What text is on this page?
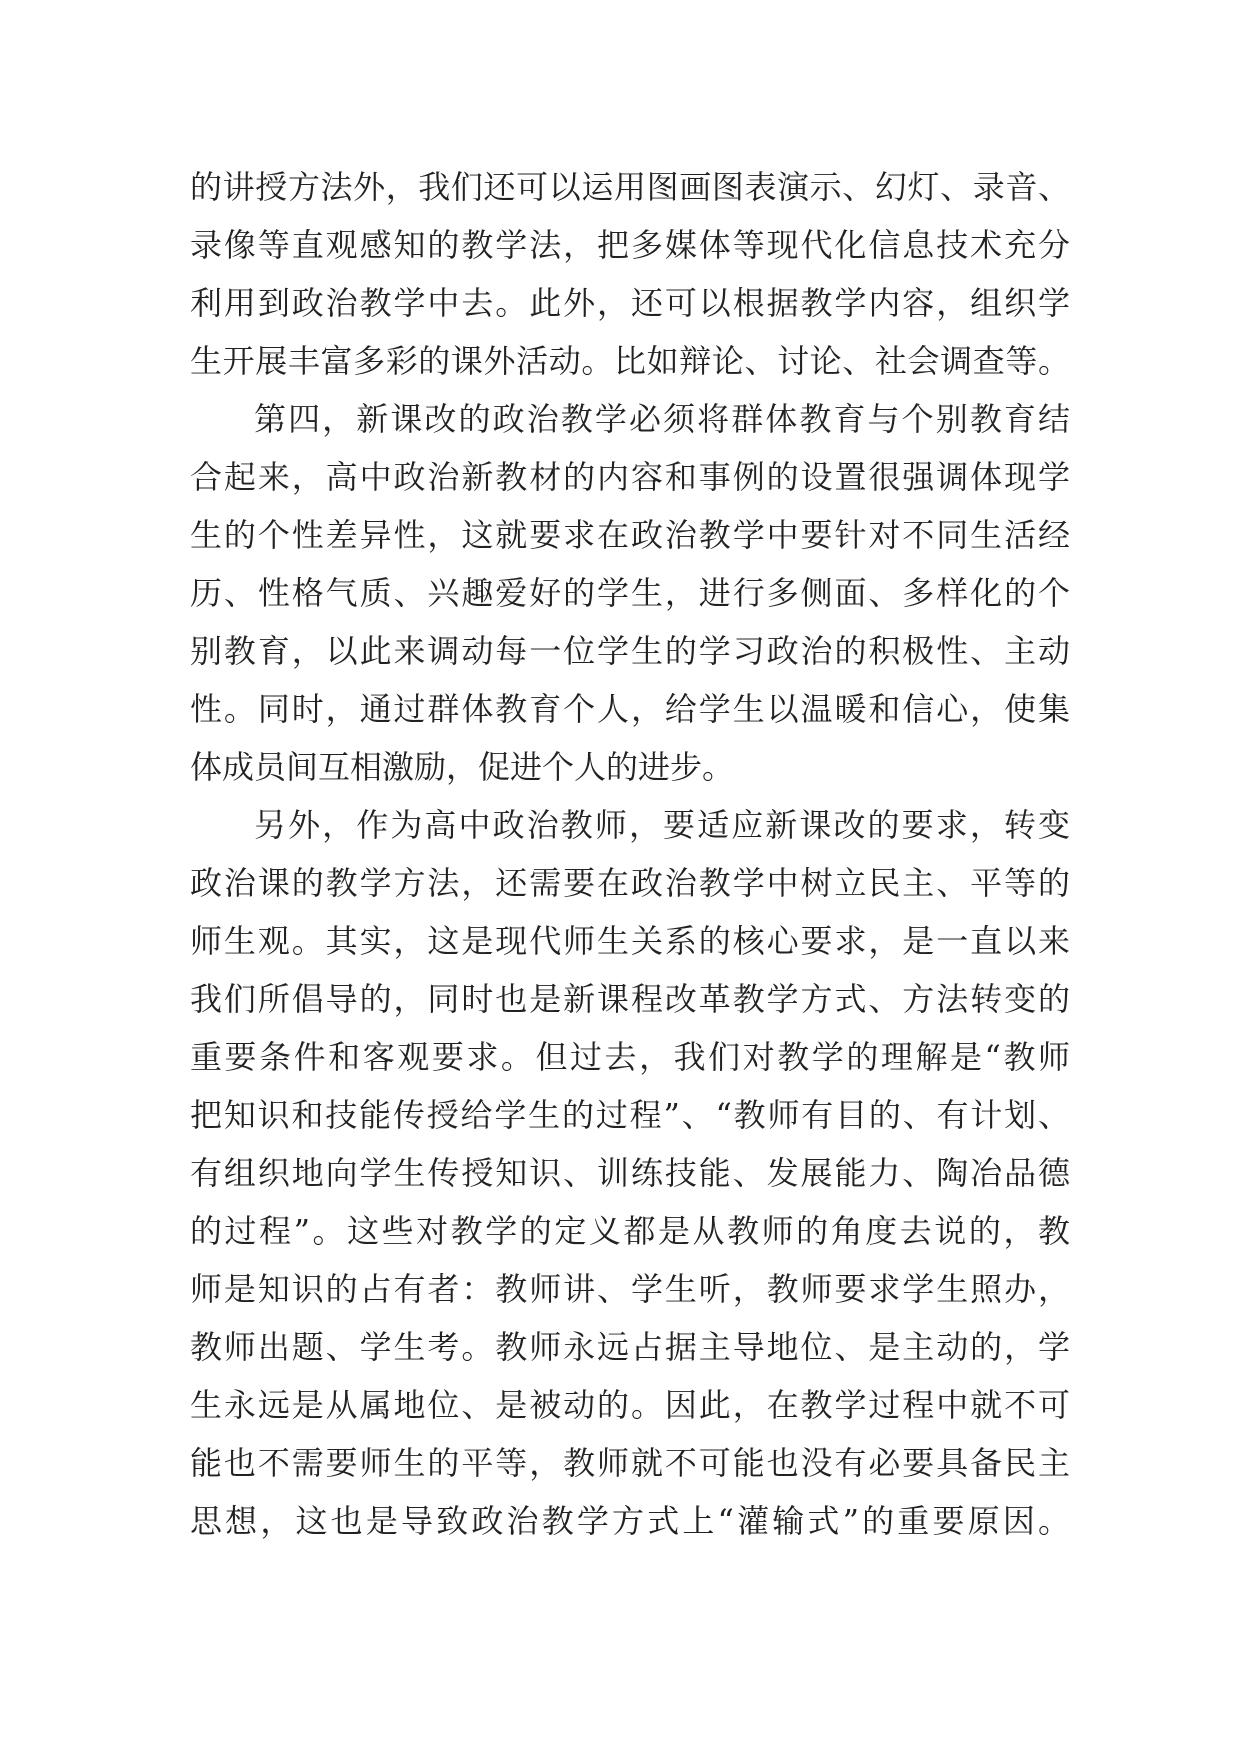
的讲授方法外，我们还可以运用图画图表演示、幻灯、录音、
录像等直观感知的教学法，把多媒体等现代化信息技术充分
利用到政治教学中去。此外，还可以根据教学内容，组织学
生开展丰富多彩的课外活动。比如辩论、讨论、社会调查等。
第四，新课改的政治教学必须将群体教育与个别教育结
合起来，高中政治新教材的内容和事例的设置很强调体现学
生的个性差异性，这就要求在政治教学中要针对不同生活经
历、性格气质、兴趣爱好的学生，进行多侧面、多样化的个
别教育，以此来调动每一位学生的学习政治的积极性、主动
性。同时，通过群体教育个人，给学生以温暖和信心，使集
体成员间互相激励，促进个人的进步。
另外，作为高中政治教师，要适应新课改的要求，转变
政治课的教学方法，还需要在政治教学中树立民主、平等的
师生观。其实，这是现代师生关系的核心要求，是一直以来
我们所倡导的，同时也是新课程改革教学方式、方法转变的
重要条件和客观要求。但过去，我们对教学的理解是“教师
把知识和技能传授给学生的过程”、“教师有目的、有计划、
有组织地向学生传授知识、训练技能、发展能力、陶冶品德
的过程”。这些对教学的定义都是从教师的角度去说的，教
师是知识的占有者：教师讲、学生听，教师要求学生照办，
教师出题、学生考。教师永远占据主导地位、是主动的，学
生永远是从属地位、是被动的。因此，在教学过程中就不可
能也不需要师生的平等，教师就不可能也没有必要具备民主
思想，这也是导致政治教学方式上“灌输式”的重要原因。
